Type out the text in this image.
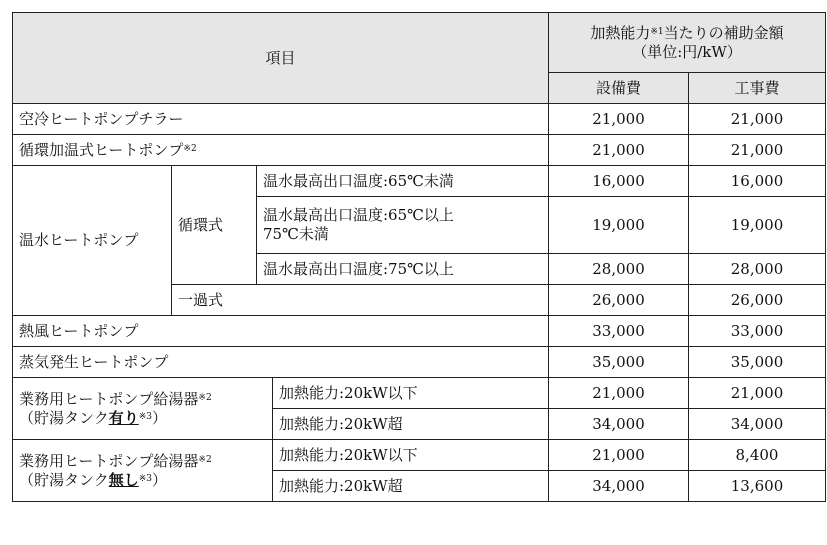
項目				加熱能力$^{※1}$当たりの補助金額
（単位:円/kW）	
				設備費	工事費
空冷ヒートポンプチラー				21,000	21,000
循環加温式ヒートポンプ$^{※2}$				21,000	21,000
温水ヒートポンプ	循環式	温水最高出口温度:65℃未満		16,000	16,000
		温水最高出口温度:65℃以上
75℃未満		19,000	19,000
		温水最高出口温度:75℃以上		28,000	28,000
	一過式			26,000	26,000
熱風ヒートポンプ				33,000	33,000
蒸気発生ヒートポンプ				35,000	35,000
業務用ヒートポンプ給湯器$^{※2}$
（貯湯タンク有り$^{※3}$）			加熱能力:20kW以下	21,000	21,000
			加熱能力:20kW超	34,000	34,000
業務用ヒートポンプ給湯器$^{※2}$
（貯湯タンク無し$^{※3}$）			加熱能力:20kW以下	21,000	8,400
			加熱能力:20kW超	34,000	13,600
